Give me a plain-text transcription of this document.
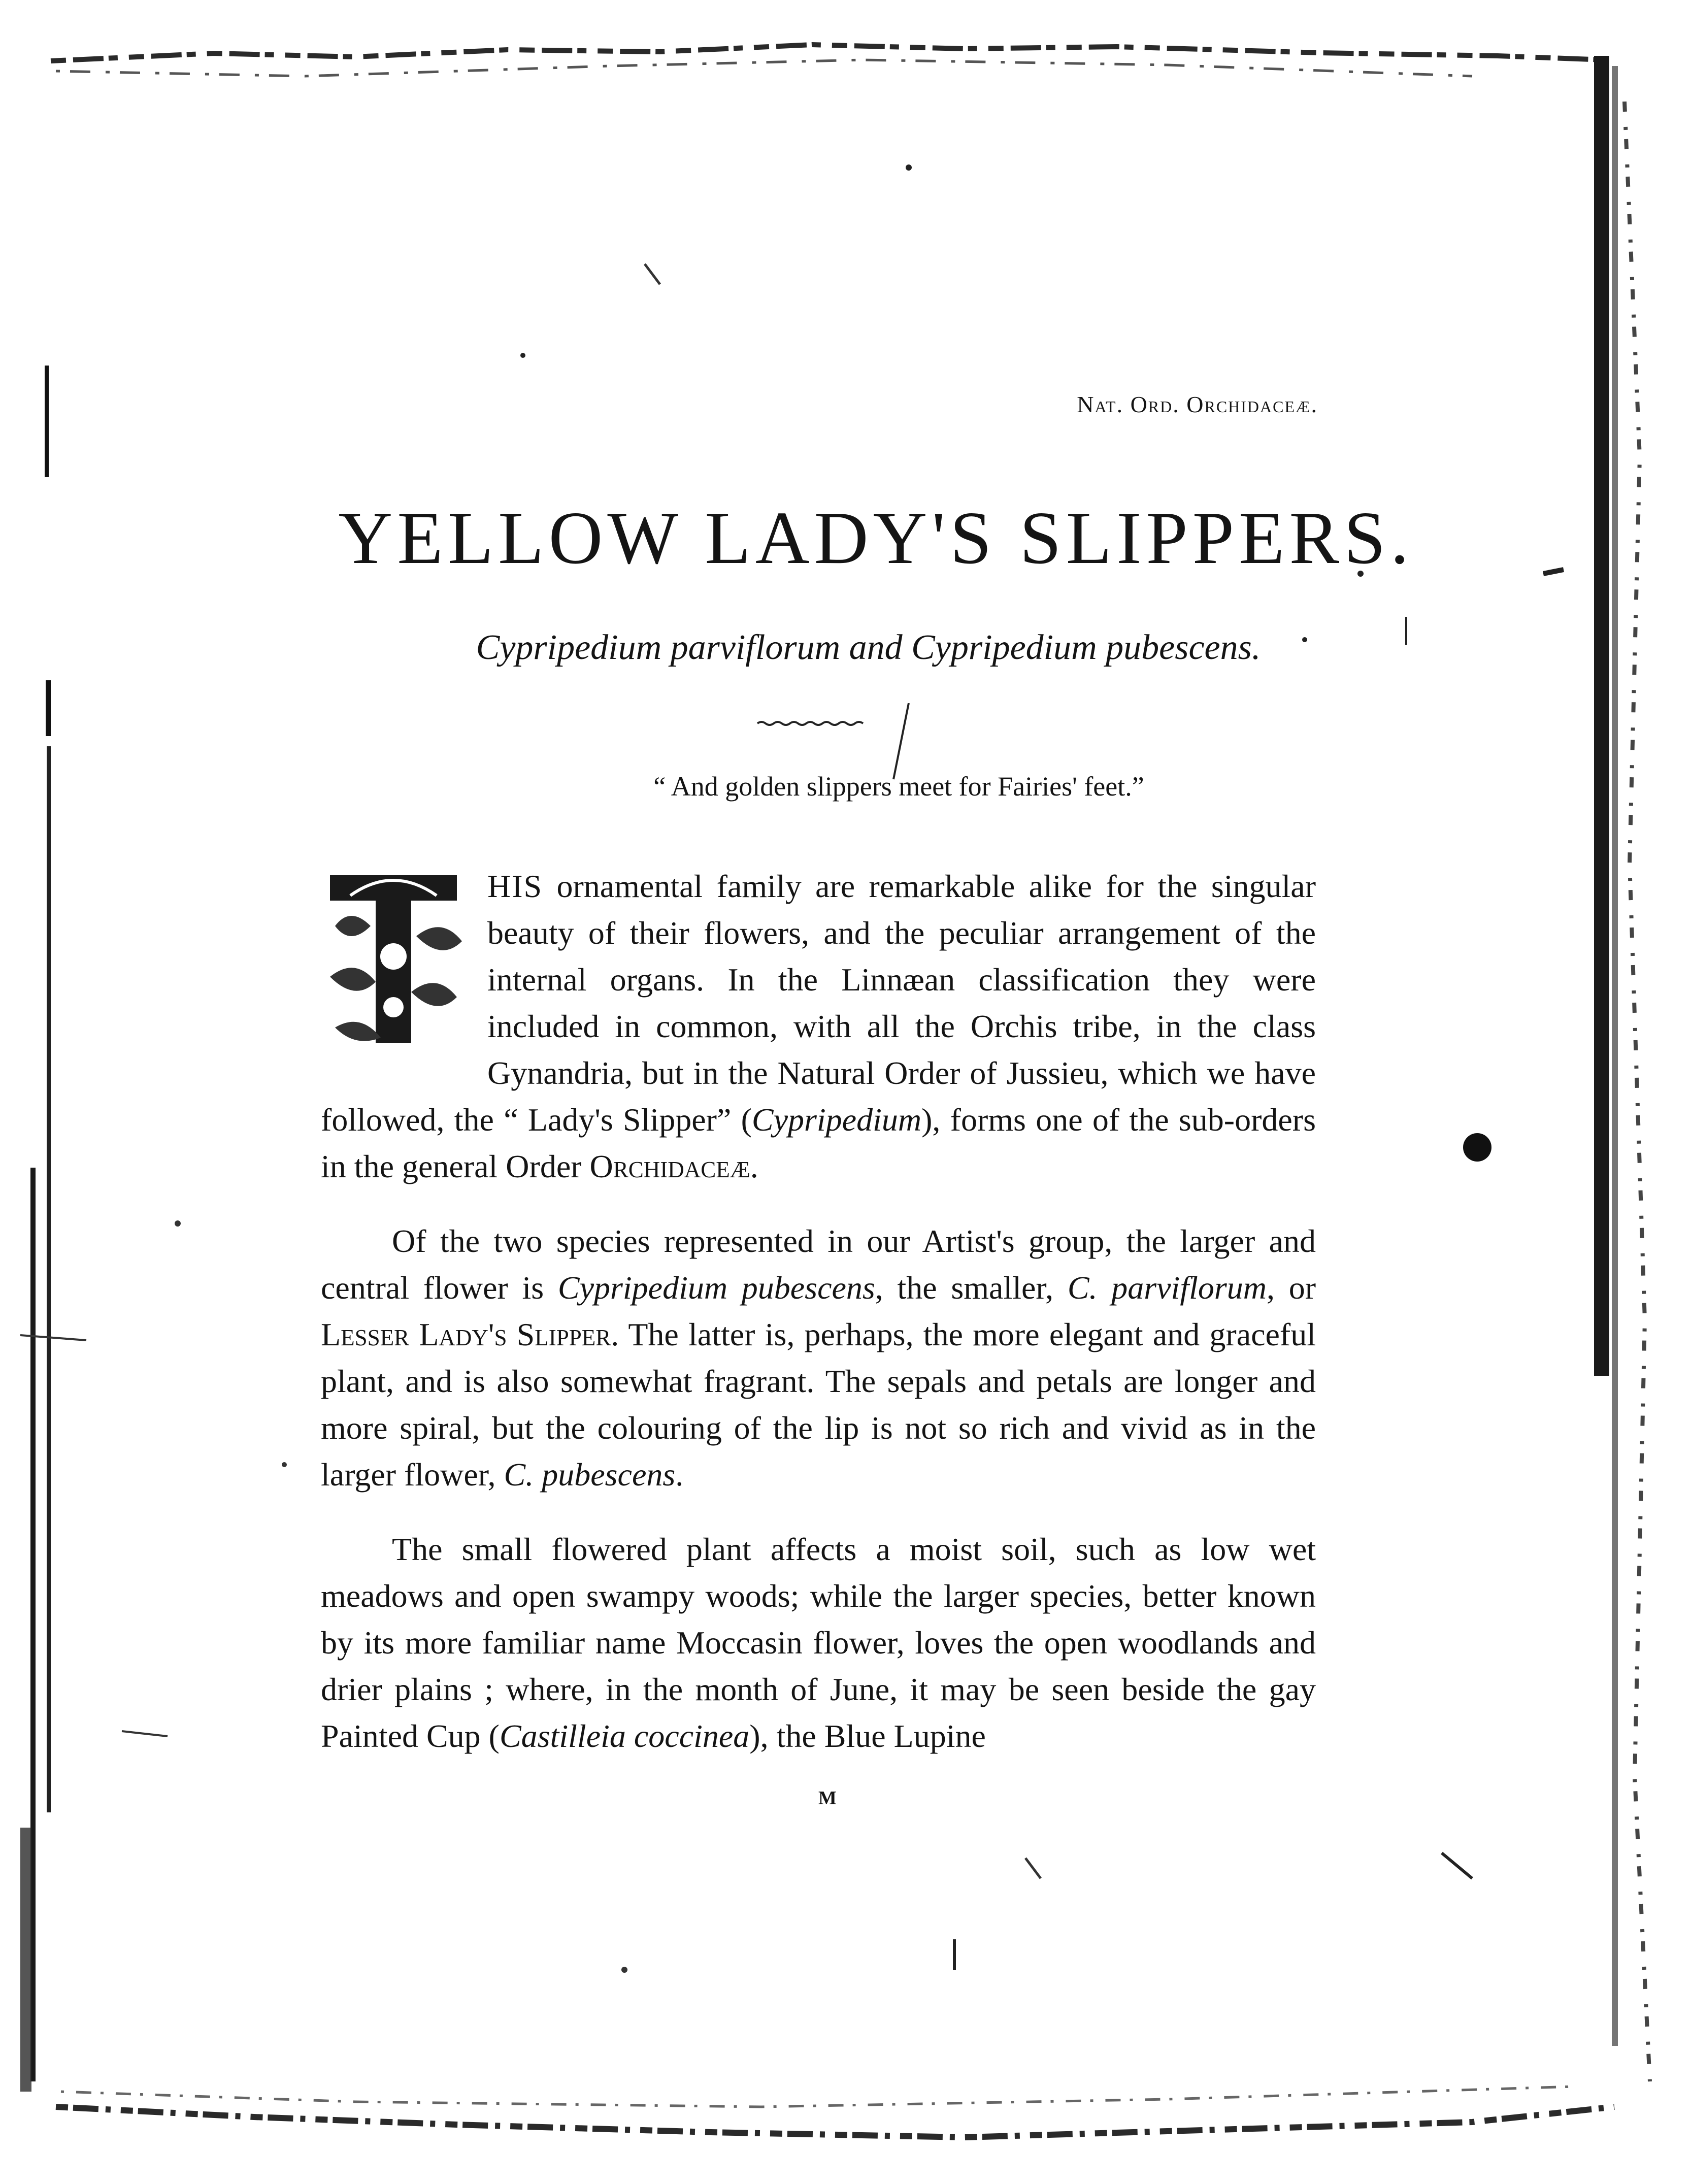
Nat. Ord. Orchidaceæ.
YELLOW LADY'S SLIPPERS.

Cypripedium parviflorum and Cypripedium pubescens.

“ And golden slippers meet for Fairies' feet.”

HIS ornamental family are remarkable alike for the singular beauty of their flowers, and the peculiar arrangement of the internal organs. In the Linnæan classification they were included in common, with all the Orchis tribe, in the class Gynandria, but in the Natural Order of Jussieu, which we have followed, the “ Lady's Slipper” (Cypripedium), forms one of the sub-orders in the general Order Orchidaceæ.

Of the two species represented in our Artist's group, the larger and central flower is Cypripedium pubescens, the smaller, C. parviflorum, or Lesser Lady's Slipper. The latter is, perhaps, the more elegant and graceful plant, and is also somewhat fragrant. The sepals and petals are longer and more spiral, but the colouring of the lip is not so rich and vivid as in the larger flower, C. pubescens.

The small flowered plant affects a moist soil, such as low wet meadows and open swampy woods; while the larger species, better known by its more familiar name Moccasin flower, loves the open woodlands and drier plains ; where, in the month of June, it may be seen beside the gay Painted Cup (Castilleia coccinea), the Blue Lupine

M
